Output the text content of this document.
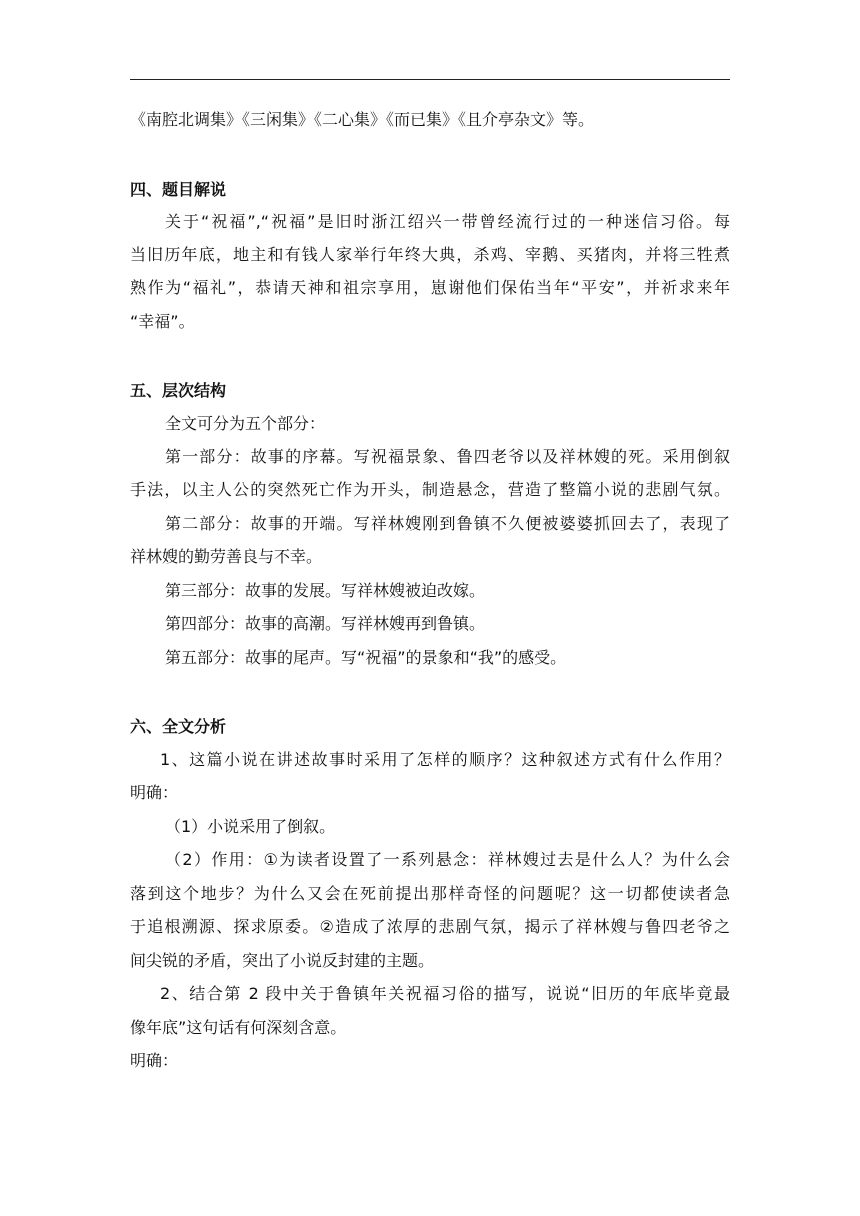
《南腔北调集》《三闲集》《二心集》《而已集》《且介亭杂文》等。
四、题目解说
关于“祝福”,“祝福”是旧时浙江绍兴一带曾经流行过的一种迷信习俗。每
当旧历年底，地主和有钱人家举行年终大典，杀鸡、宰鹅、买猪肉，并将三牲煮
熟作为“福礼”，恭请天神和祖宗享用，崽谢他们保佑当年“平安”，并祈求来年
“幸福”。
五、层次结构
全文可分为五个部分：
第一部分：故事的序幕。写祝福景象、鲁四老爷以及祥林嫂的死。采用倒叙
手法，以主人公的突然死亡作为开头，制造悬念，营造了整篇小说的悲剧气氛。
第二部分：故事的开端。写祥林嫂刚到鲁镇不久便被婆婆抓回去了，表现了
祥林嫂的勤劳善良与不幸。
第三部分：故事的发展。写祥林嫂被迫改嫁。
第四部分：故事的高潮。写祥林嫂再到鲁镇。
第五部分：故事的尾声。写“祝福”的景象和“我”的感受。
六、全文分析
1、这篇小说在讲述故事时采用了怎样的顺序？这种叙述方式有什么作用？
明确：
（1）小说采用了倒叙。
（2）作用：①为读者设置了一系列悬念：祥林嫂过去是什么人？为什么会
落到这个地步？为什么又会在死前提出那样奇怪的问题呢？这一切都使读者急
于追根溯源、探求原委。②造成了浓厚的悲剧气氛，揭示了祥林嫂与鲁四老爷之
间尖锐的矛盾，突出了小说反封建的主题。
2、结合第 2 段中关于鲁镇年关祝福习俗的描写，说说“旧历的年底毕竟最
像年底”这句话有何深刻含意。
明确：
